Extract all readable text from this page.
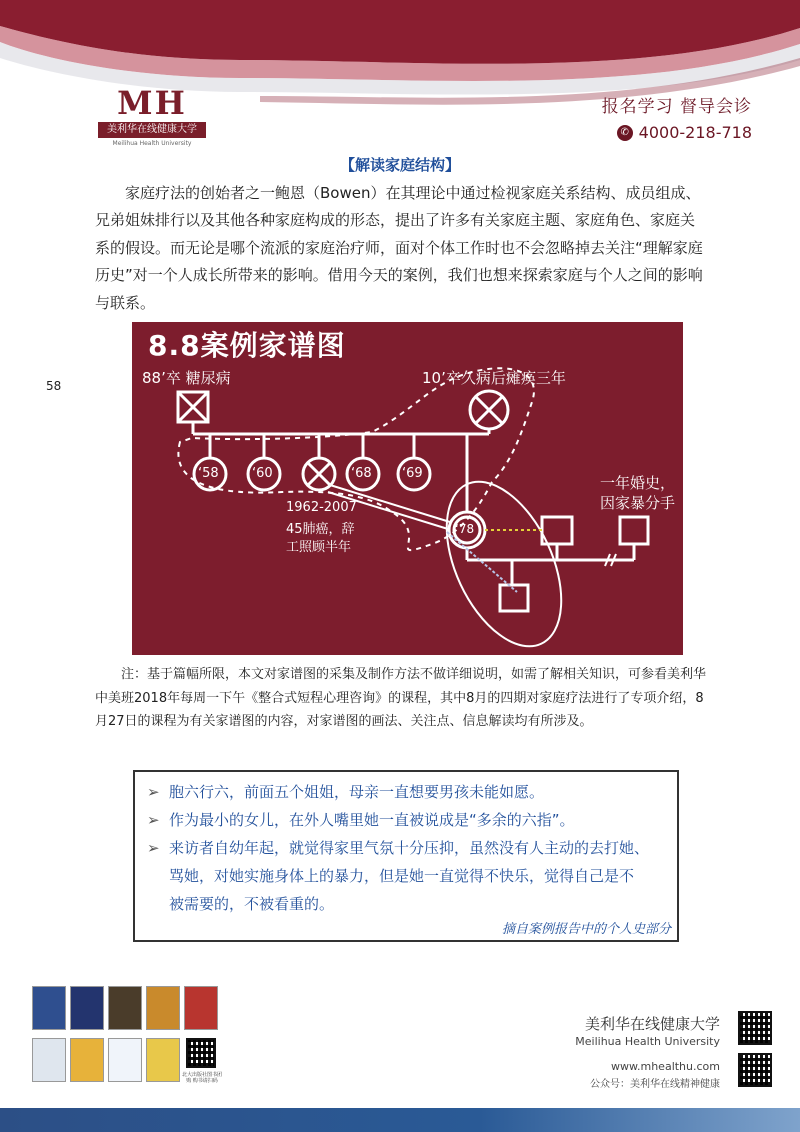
MH
美利华在线健康大学
Meilihua Health University
报名学习 督导会诊
✆ 4000-218-718
【解读家庭结构】
家庭疗法的创始者之一鲍恩（Bowen）在其理论中通过检视家庭关系结构、成员组成、兄弟姐妹排行以及其他各种家庭构成的形态，提出了许多有关家庭主题、家庭角色、家庭关系的假设。而无论是哪个流派的家庭治疗师，面对个体工作时也不会忽略掉去关注“理解家庭历史”对一个人成长所带来的影响。借用今天的案例，我们也想来探索家庭与个人之间的影响与联系。
58
8.8案例家谱图
88’卒 糖尿病	10’卒久病后瘫痪三年
‘58	‘60	‘68 ‘69
‘78
1962-2007
45肺癌，辞
工照顾半年
一年婚史，
因家暴分手
注：基于篇幅所限，本文对家谱图的采集及制作方法不做详细说明，如需了解相关知识，可参看美利华中美班2018年每周一下午《整合式短程心理咨询》的课程，其中8月的四期对家庭疗法进行了专项介绍，8月27日的课程为有关家谱图的内容，对家谱图的画法、关注点、信息解读均有所涉及。
➢ 胞六行六，前面五个姐姐，母亲一直想要男孩未能如愿。
➢ 作为最小的女儿，在外人嘴里她一直被说成是“多余的六指”。
➢ 来访者自幼年起，就觉得家里气氛十分压抑，虽然没有人主动的去打她、
骂她，对她实施身体上的暴力，但是她一直觉得不快乐，觉得自己是不
被需要的，不被看重的。
摘自案例报告中的个人史部分
北大出版社图书团购 购书请扫码
美利华在线健康大学
Meilihua Health University
www.mhealthu.com
公众号：美利华在线精神健康
